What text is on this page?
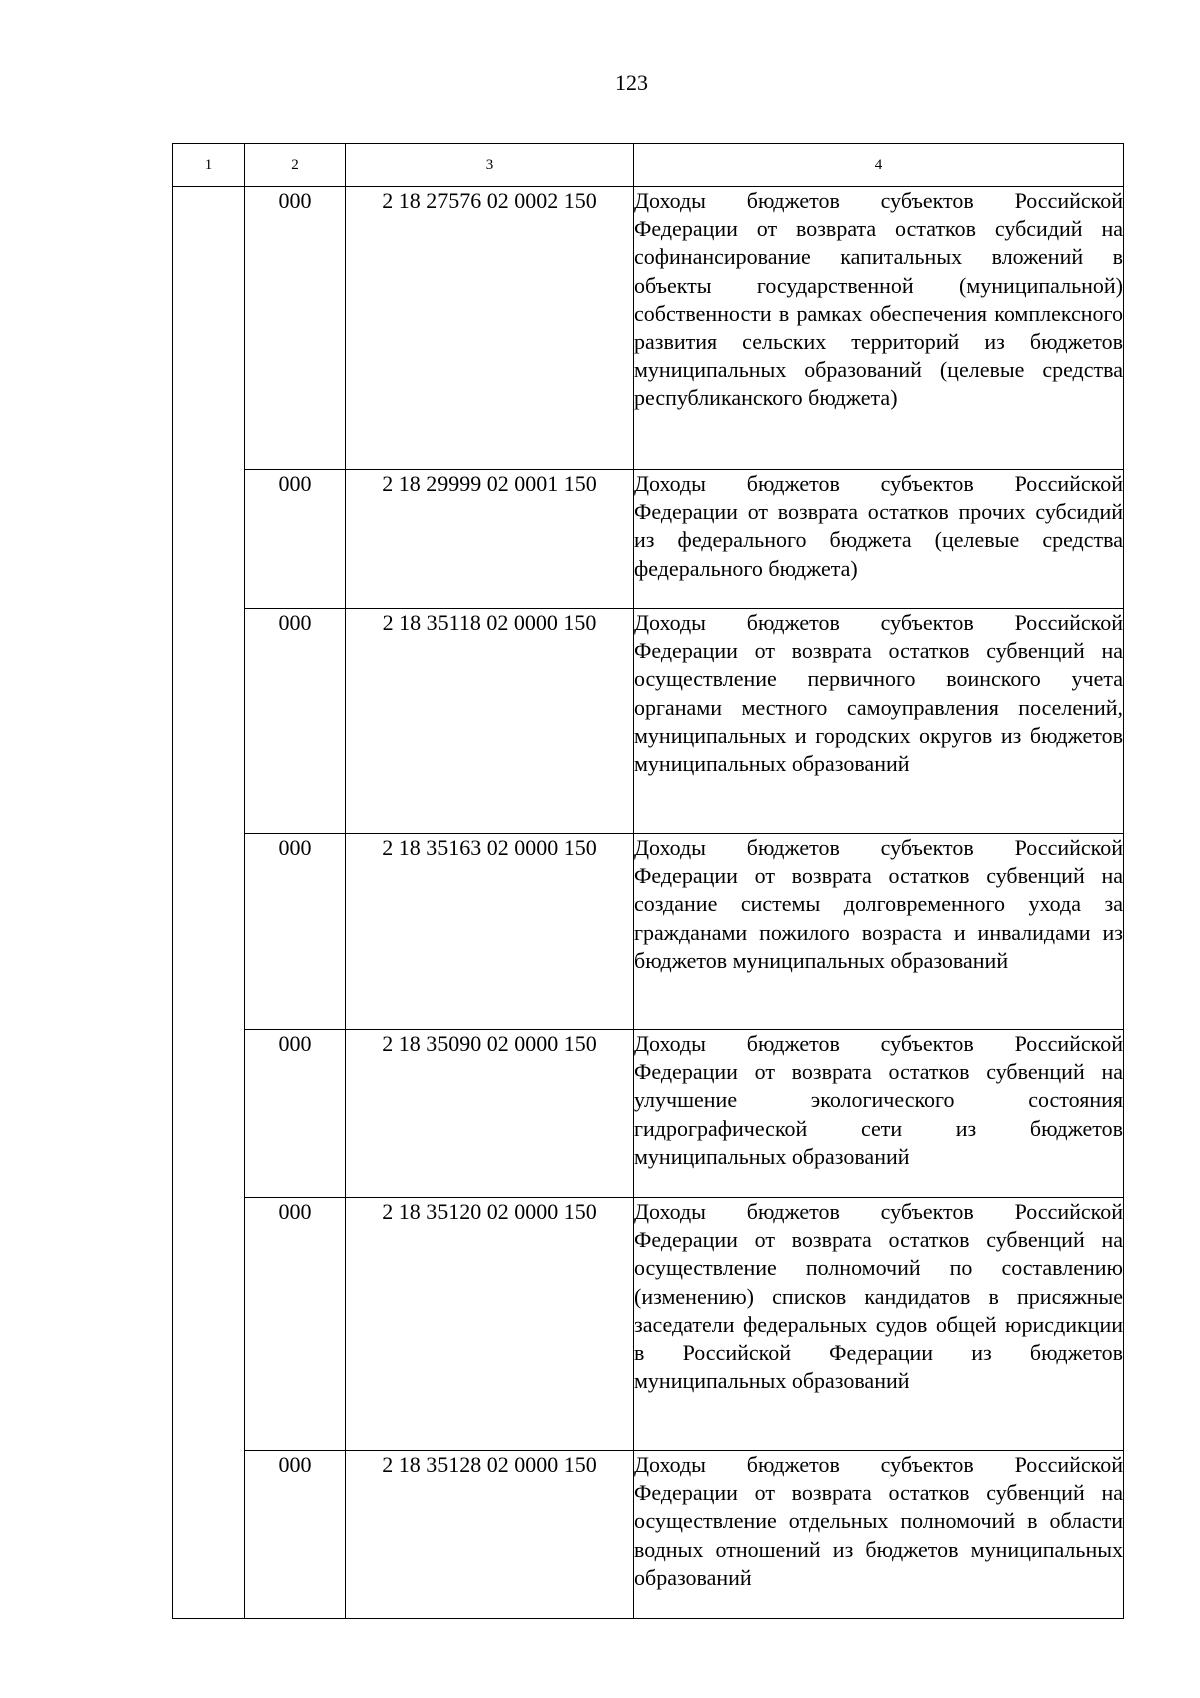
123
1	2	3	4
	000	2 18 27576 02 0002 150	Доходы бюджетов субъектов Российской Федерации от возврата остатков субсидий на софинансирование капитальных вложений в объекты государственной (муниципальной) собственности в рамках обеспечения комплексного развития сельских территорий из бюджетов муниципальных образований (целевые средства республиканского бюджета)
	000	2 18 29999 02 0001 150	Доходы бюджетов субъектов Российской Федерации от возврата остатков прочих субсидий из федерального бюджета (целевые средства федерального бюджета)
	000	2 18 35118 02 0000 150	Доходы бюджетов субъектов Российской Федерации от возврата остатков субвенций на осуществление первичного воинского учета органами местного самоуправления поселений, муниципальных и городских округов из бюджетов муниципальных образований
	000	2 18 35163 02 0000 150	Доходы бюджетов субъектов Российской Федерации от возврата остатков субвенций на создание системы долговременного ухода за гражданами пожилого возраста и инвалидами из бюджетов муниципальных образований
	000	2 18 35090 02 0000 150	Доходы бюджетов субъектов Российской Федерации от возврата остатков субвенций на улучшение экологического состояния гидрографической сети из бюджетов муниципальных образований
	000	2 18 35120 02 0000 150	Доходы бюджетов субъектов Российской Федерации от возврата остатков субвенций на осуществление полномочий по составлению (изменению) списков кандидатов в присяжные заседатели федеральных судов общей юрисдикции в Российской Федерации из бюджетов муниципальных образований
	000	2 18 35128 02 0000 150	Доходы бюджетов субъектов Российской Федерации от возврата остатков субвенций на осуществление отдельных полномочий в области водных отношений из бюджетов муниципальных образований
